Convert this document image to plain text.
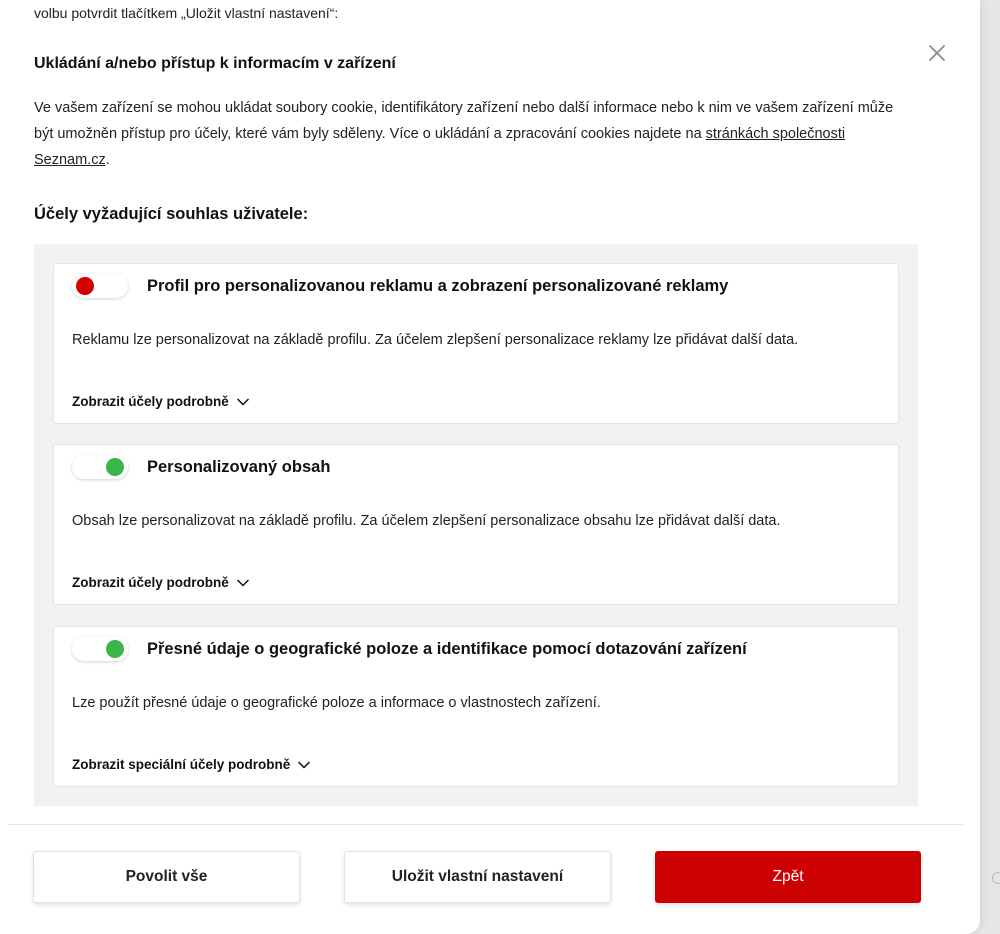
volbu potvrdit tlačítkem „Uložit vlastní nastavení“:
Ukládání a/nebo přístup k informacím v zařízení

Ve vašem zařízení se mohou ukládat soubory cookie, identifikátory zařízení nebo další informace nebo k nim ve vašem zařízení může být umožněn přístup pro účely, které vám byly sděleny. Více o ukládání a zpracování cookies najdete na stránkách společnosti Seznam.cz.

Účely vyžadující souhlas uživatele:
Profil pro personalizovanou reklamu a zobrazení personalizované reklamy
Reklamu lze personalizovat na základě profilu. Za účelem zlepšení personalizace reklamy lze přidávat další data.
Zobrazit účely podrobně
Personalizovaný obsah
Obsah lze personalizovat na základě profilu. Za účelem zlepšení personalizace obsahu lze přidávat další data.
Zobrazit účely podrobně
Přesné údaje o geografické poloze a identifikace pomocí dotazování zařízení
Lze použít přesné údaje o geografické poloze a informace o vlastnostech zařízení.
Zobrazit speciální účely podrobně
Povolit vše	Uložit vlastní nastavení	Zpět
